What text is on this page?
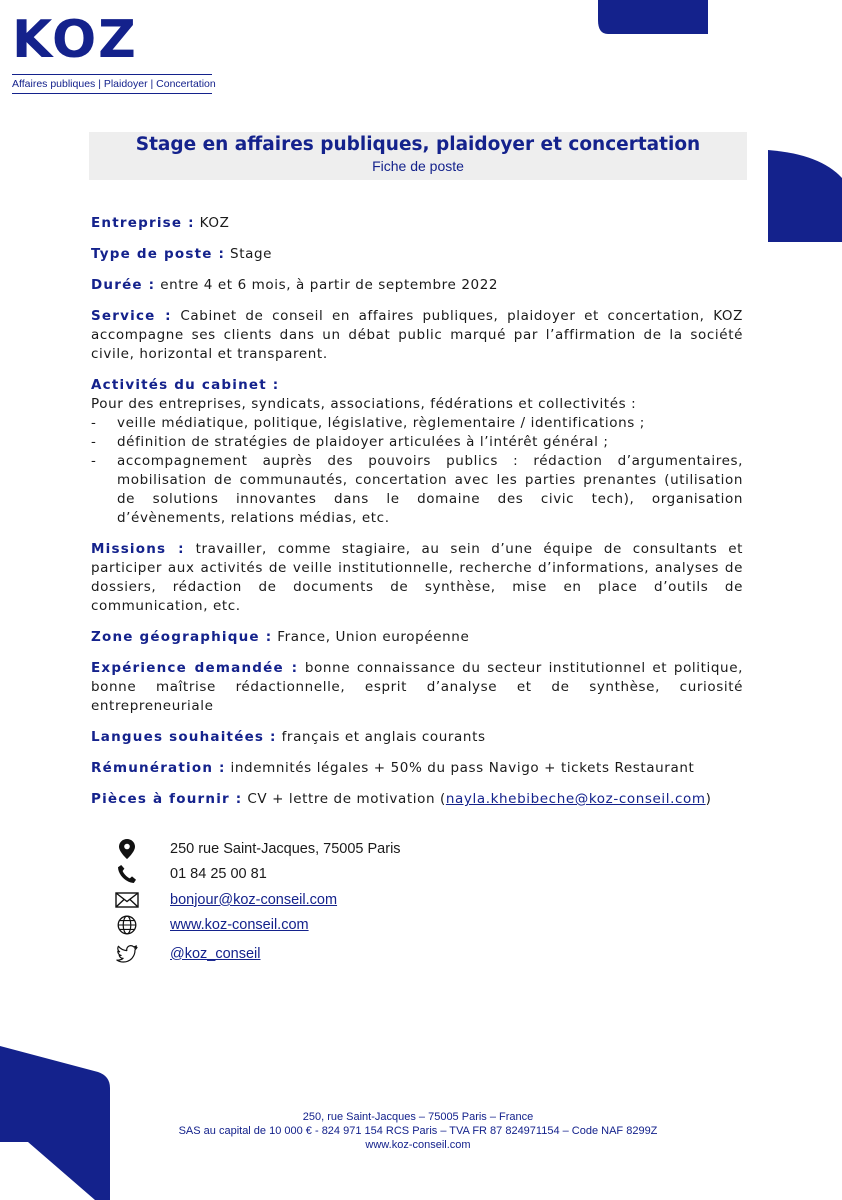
KOZ
Affaires publiques | Plaidoyer | Concertation
Stage en affaires publiques, plaidoyer et concertation
Fiche de poste

Entreprise : KOZ

Type de poste : Stage

Durée : entre 4 et 6 mois, à partir de septembre 2022

Service : Cabinet de conseil en affaires publiques, plaidoyer et concertation, KOZ accompagne ses clients dans un débat public marqué par l’affirmation de la société civile, horizontal et transparent.

Activités du cabinet :
Pour des entreprises, syndicats, associations, fédérations et collectivités :
- veille médiatique, politique, législative, règlementaire / identifications ;
- définition de stratégies de plaidoyer articulées à l’intérêt général ;
- accompagnement auprès des pouvoirs publics : rédaction d’argumentaires, mobilisation de communautés, concertation avec les parties prenantes (utilisation de solutions innovantes dans le domaine des civic tech), organisation d’évènements, relations médias, etc.

Missions : travailler, comme stagiaire, au sein d’une équipe de consultants et participer aux activités de veille institutionnelle, recherche d’informations, analyses de dossiers, rédaction de documents de synthèse, mise en place d’outils de communication, etc.

Zone géographique : France, Union européenne

Expérience demandée : bonne connaissance du secteur institutionnel et politique, bonne maîtrise rédactionnelle, esprit d’analyse et de synthèse, curiosité entrepreneuriale

Langues souhaitées : français et anglais courants

Rémunération : indemnités légales + 50% du pass Navigo + tickets Restaurant

Pièces à fournir : CV + lettre de motivation (nayla.khebibeche@koz-conseil.com)

250 rue Saint-Jacques, 75005 Paris
01 84 25 00 81
bonjour@koz-conseil.com
www.koz-conseil.com
@koz_conseil
250, rue Saint-Jacques – 75005 Paris – France
SAS au capital de 10 000 € - 824 971 154 RCS Paris – TVA FR 87 824971154 – Code NAF 8299Z
www.koz-conseil.com
